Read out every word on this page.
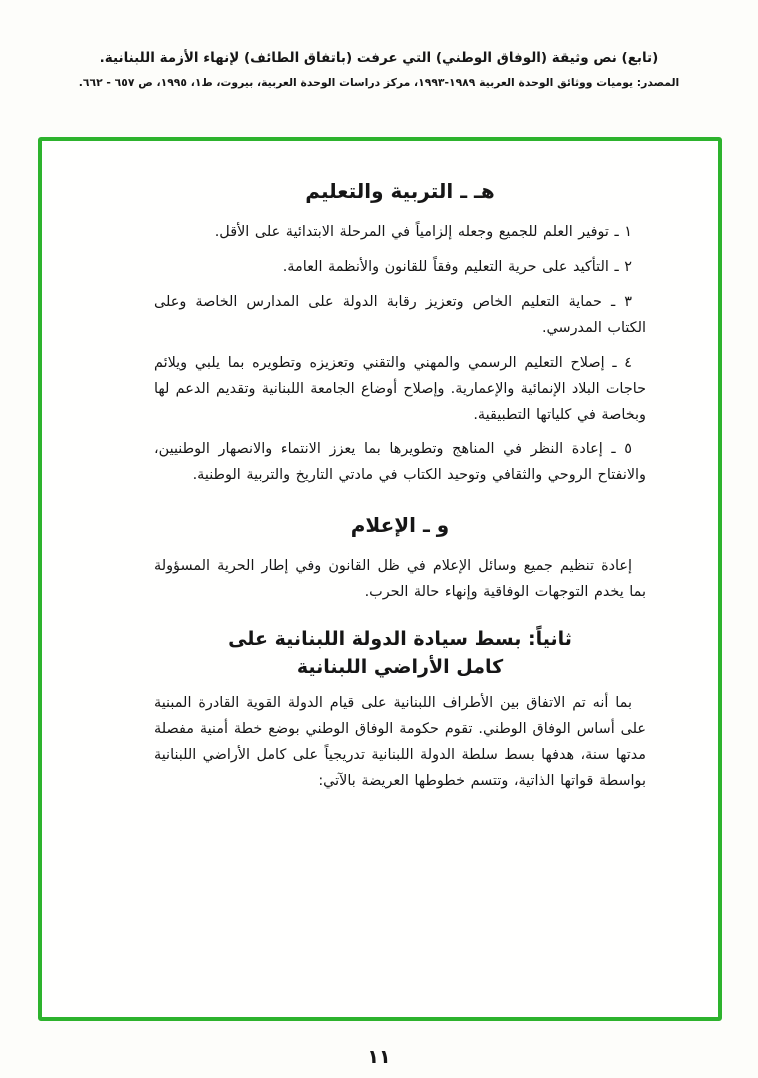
(تابع) نص وثيقة (الوفاق الوطني) التي عرفت (باتفاق الطائف) لإنهاء الأزمة اللبنانية.
المصدر: يوميات ووثائق الوحدة العربية ١٩٨٩-١٩٩٣، مركز دراسات الوحدة العربية، بيروت، ط١، ١٩٩٥، ص ٦٥٧ - ٦٦٢.
هـ ـ التربية والتعليم

١ ـ توفير العلم للجميع وجعله إلزامياً في المرحلة الابتدائية على الأقل.

٢ ـ التأكيد على حرية التعليم وفقاً للقانون والأنظمة العامة.

٣ ـ حماية التعليم الخاص وتعزيز رقابة الدولة على المدارس الخاصة وعلى الكتاب المدرسي.

٤ ـ إصلاح التعليم الرسمي والمهني والتقني وتعزيزه وتطويره بما يلبي ويلائم حاجات البلاد الإنمائية والإعمارية. وإصلاح أوضاع الجامعة اللبنانية وتقديم الدعم لها وبخاصة في كلياتها التطبيقية.

٥ ـ إعادة النظر في المناهج وتطويرها بما يعزز الانتماء والانصهار الوطنيين، والانفتاح الروحي والثقافي وتوحيد الكتاب في مادتي التاريخ والتربية الوطنية.

و ـ الإعلام

إعادة تنظيم جميع وسائل الإعلام في ظل القانون وفي إطار الحرية المسؤولة بما يخدم التوجهات الوفاقية وإنهاء حالة الحرب.

ثانياً: بسط سيادة الدولة اللبنانية على
كامل الأراضي اللبنانية

بما أنه تم الاتفاق بين الأطراف اللبنانية على قيام الدولة القوية القادرة المبنية على أساس الوفاق الوطني. تقوم حكومة الوفاق الوطني بوضع خطة أمنية مفصلة مدتها سنة، هدفها بسط سلطة الدولة اللبنانية تدريجياً على كامل الأراضي اللبنانية بواسطة قواتها الذاتية، وتتسم خطوطها العريضة بالآتي:

١١
